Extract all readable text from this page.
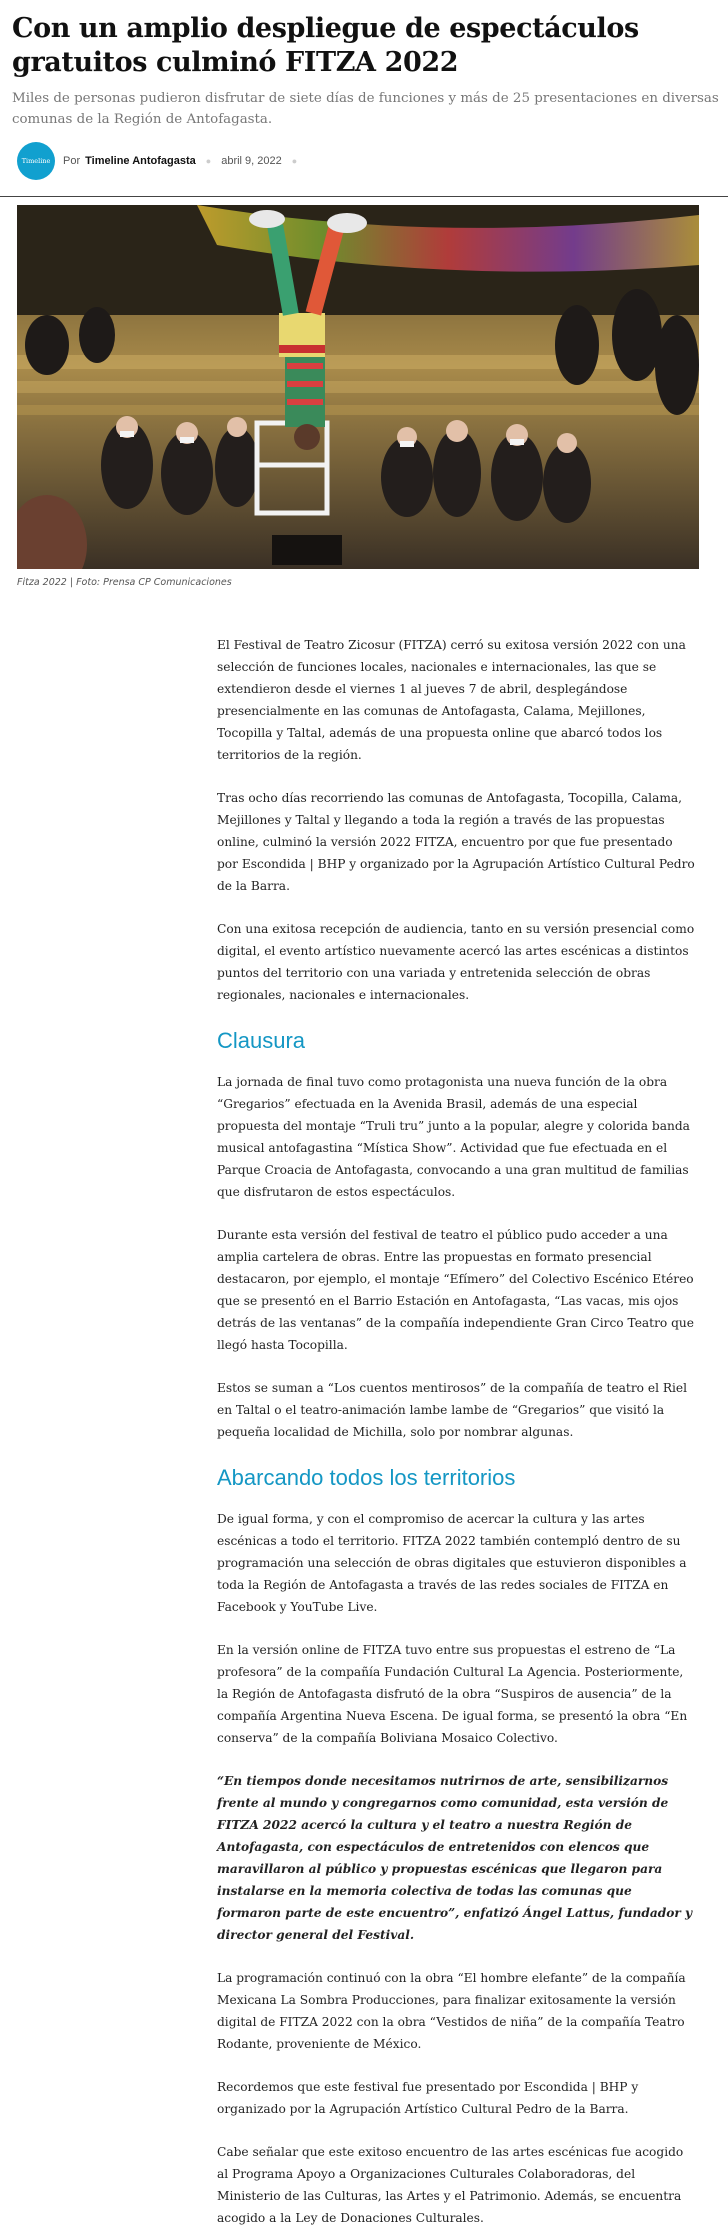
Con un amplio despliegue de espectáculos gratuitos culminó FITZA 2022

Miles de personas pudieron disfrutar de siete días de funciones y más de 25 presentaciones en diversas comunas de la Región de Antofagasta.

Timeline Por Timeline Antofagasta ● abril 9, 2022 ●
Fitza 2022 | Foto: Prensa CP Comunicaciones

El Festival de Teatro Zicosur (FITZA) cerró su exitosa versión 2022 con una selección de funciones locales, nacionales e internacionales, las que se extendieron desde el viernes 1 al jueves 7 de abril, desplegándose presencialmente en las comunas de Antofagasta, Calama, Mejillones, Tocopilla y Taltal, además de una propuesta online que abarcó todos los territorios de la región.

Tras ocho días recorriendo las comunas de Antofagasta, Tocopilla, Calama, Mejillones y Taltal y llegando a toda la región a través de las propuestas online, culminó la versión 2022 FITZA, encuentro por que fue presentado por Escondida | BHP y organizado por la Agrupación Artístico Cultural Pedro de la Barra.

Con una exitosa recepción de audiencia, tanto en su versión presencial como digital, el evento artístico nuevamente acercó las artes escénicas a distintos puntos del territorio con una variada y entretenida selección de obras regionales, nacionales e internacionales.

Clausura

La jornada de final tuvo como protagonista una nueva función de la obra “Gregarios” efectuada en la Avenida Brasil, además de una especial propuesta del montaje “Truli tru” junto a la popular, alegre y colorida banda musical antofagastina “Mística Show”. Actividad que fue efectuada en el Parque Croacia de Antofagasta, convocando a una gran multitud de familias que disfrutaron de estos espectáculos.

Durante esta versión del festival de teatro el público pudo acceder a una amplia cartelera de obras. Entre las propuestas en formato presencial destacaron, por ejemplo, el montaje “Efímero” del Colectivo Escénico Etéreo que se presentó en el Barrio Estación en Antofagasta, “Las vacas, mis ojos detrás de las ventanas” de la compañía independiente Gran Circo Teatro que llegó hasta Tocopilla.

Estos se suman a “Los cuentos mentirosos” de la compañía de teatro el Riel en Taltal o el teatro-animación lambe lambe de “Gregarios” que visitó la pequeña localidad de Michilla, solo por nombrar algunas.

Abarcando todos los territorios

De igual forma, y con el compromiso de acercar la cultura y las artes escénicas a todo el territorio. FITZA 2022 también contempló dentro de su programación una selección de obras digitales que estuvieron disponibles a toda la Región de Antofagasta a través de las redes sociales de FITZA en Facebook y YouTube Live.

En la versión online de FITZA tuvo entre sus propuestas el estreno de “La profesora” de la compañía Fundación Cultural La Agencia. Posteriormente, la Región de Antofagasta disfrutó de la obra “Suspiros de ausencia” de la compañía Argentina Nueva Escena. De igual forma, se presentó la obra “En conserva” de la compañía Boliviana Mosaico Colectivo.

“En tiempos donde necesitamos nutrirnos de arte, sensibilizarnos frente al mundo y congregarnos como comunidad, esta versión de FITZA 2022 acercó la cultura y el teatro a nuestra Región de Antofagasta, con espectáculos de entretenidos con elencos que maravillaron al público y propuestas escénicas que llegaron para instalarse en la memoria colectiva de todas las comunas que formaron parte de este encuentro”, enfatizó Ángel Lattus, fundador y director general del Festival.

La programación continuó con la obra “El hombre elefante” de la compañía Mexicana La Sombra Producciones, para finalizar exitosamente la versión digital de FITZA 2022 con la obra “Vestidos de niña” de la compañía Teatro Rodante, proveniente de México.

Recordemos que este festival fue presentado por Escondida | BHP y organizado por la Agrupación Artístico Cultural Pedro de la Barra.

Cabe señalar que este exitoso encuentro de las artes escénicas fue acogido al Programa Apoyo a Organizaciones Culturales Colaboradoras, del Ministerio de las Culturas, las Artes y el Patrimonio. Además, se encuentra acogido a la Ley de Donaciones Culturales.
